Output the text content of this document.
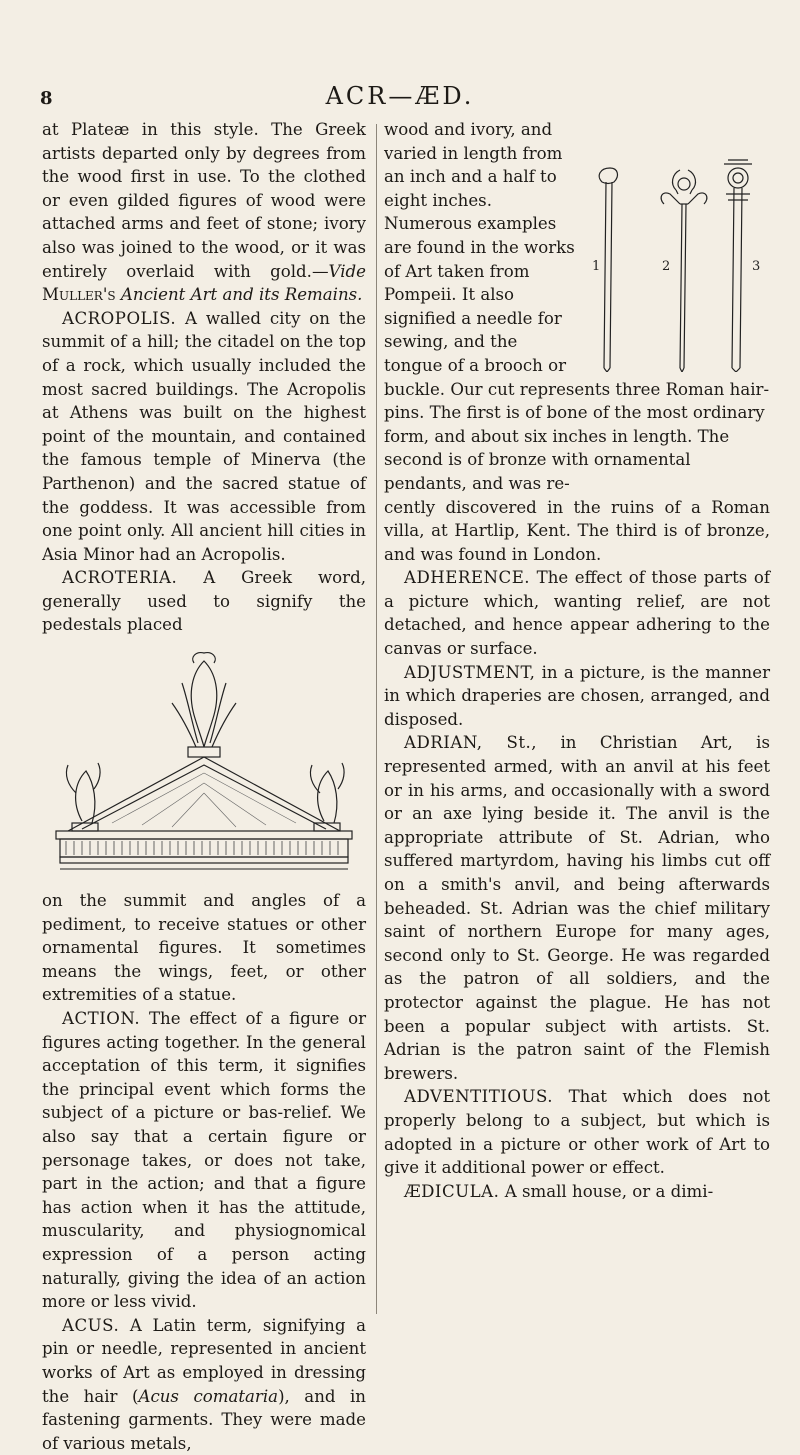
8	ACR—ÆD.

at Plateæ in this style. The Greek artists departed only by degrees from the wood first in use. To the clothed or even gilded figures of wood were attached arms and feet of stone; ivory also was joined to the wood, or it was entirely overlaid with gold.—Vide Muller's Ancient Art and its Remains.

ACROPOLIS. A walled city on the summit of a hill; the citadel on the top of a rock, which usually included the most sacred buildings. The Acropolis at Athens was built on the highest point of the mountain, and contained the famous temple of Minerva (the Parthenon) and the sacred statue of the goddess. It was accessible from one point only. All ancient hill cities in Asia Minor had an Acropolis.

ACROTERIA. A Greek word, generally used to signify the pedestals placed

on the summit and angles of a pediment, to receive statues or other ornamental figures. It sometimes means the wings, feet, or other extremities of a statue.

ACTION. The effect of a figure or figures acting together. In the general acceptation of this term, it signifies the principal event which forms the subject of a picture or bas-relief. We also say that a certain figure or personage takes, or does not take, part in the action; and that a figure has action when it has the attitude, muscularity, and physiognomical expression of a person acting naturally, giving the idea of an action more or less vivid.

ACUS. A Latin term, signifying a pin or needle, represented in ancient works of Art as employed in dressing the hair (Acus comataria), and in fastening garments. They were made of various metals,

1	2	3

wood and ivory, and varied in length from an inch and a half to eight inches. Numerous examples are found in the works of Art taken from Pompeii. It also signified a needle for sewing, and the tongue of a brooch or buckle. Our cut represents three Roman hair-pins. The first is of bone of the most ordinary form, and about six inches in length. The second is of bronze with ornamental pendants, and was re-

cently discovered in the ruins of a Roman villa, at Hartlip, Kent. The third is of bronze, and was found in London.

ADHERENCE. The effect of those parts of a picture which, wanting relief, are not detached, and hence appear adhering to the canvas or surface.

ADJUSTMENT, in a picture, is the manner in which draperies are chosen, arranged, and disposed.

ADRIAN, St., in Christian Art, is represented armed, with an anvil at his feet or in his arms, and occasionally with a sword or an axe lying beside it. The anvil is the appropriate attribute of St. Adrian, who suffered martyrdom, having his limbs cut off on a smith's anvil, and being afterwards beheaded. St. Adrian was the chief military saint of northern Europe for many ages, second only to St. George. He was regarded as the patron of all soldiers, and the protector against the plague. He has not been a popular subject with artists. St. Adrian is the patron saint of the Flemish brewers.

ADVENTITIOUS. That which does not properly belong to a subject, but which is adopted in a picture or other work of Art to give it additional power or effect.

ÆDICULA. A small house, or a dimi-
